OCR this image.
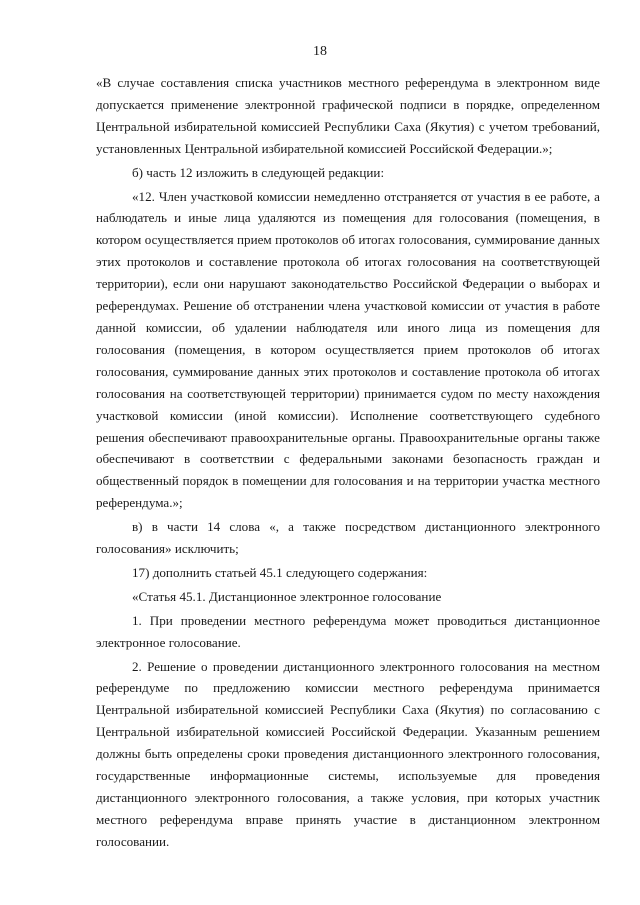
18

«В случае составления списка участников местного референдума в электронном виде допускается применение электронной графической подписи в порядке, определенном Центральной избирательной комиссией Республики Саха (Якутия) с учетом требований, установленных Центральной избирательной комиссией Российской Федерации.»;

б) часть 12 изложить в следующей редакции:

«12. Член участковой комиссии немедленно отстраняется от участия в ее работе, а наблюдатель и иные лица удаляются из помещения для голосования (помещения, в котором осуществляется прием протоколов об итогах голосования, суммирование данных этих протоколов и составление протокола об итогах голосования на соответствующей территории), если они нарушают законодательство Российской Федерации о выборах и референдумах. Решение об отстранении члена участковой комиссии от участия в работе данной комиссии, об удалении наблюдателя или иного лица из помещения для голосования (помещения, в котором осуществляется прием протоколов об итогах голосования, суммирование данных этих протоколов и составление протокола об итогах голосования на соответствующей территории) принимается судом по месту нахождения участковой комиссии (иной комиссии). Исполнение соответствующего судебного решения обеспечивают правоохранительные органы. Правоохранительные органы также обеспечивают в соответствии с федеральными законами безопасность граждан и общественный порядок в помещении для голосования и на территории участка местного референдума.»;

в) в части 14 слова «, а также посредством дистанционного электронного голосования» исключить;

17) дополнить статьей 45.1 следующего содержания:

«Статья 45.1. Дистанционное электронное голосование

1. При проведении местного референдума может проводиться дистанционное электронное голосование.

2. Решение о проведении дистанционного электронного голосования на местном референдуме по предложению комиссии местного референдума принимается Центральной избирательной комиссией Республики Саха (Якутия) по согласованию с Центральной избирательной комиссией Российской Федерации. Указанным решением должны быть определены сроки проведения дистанционного электронного голосования, государственные информационные системы, используемые для проведения дистанционного электронного голосования, а также условия, при которых участник местного референдума вправе принять участие в дистанционном электронном голосовании.
